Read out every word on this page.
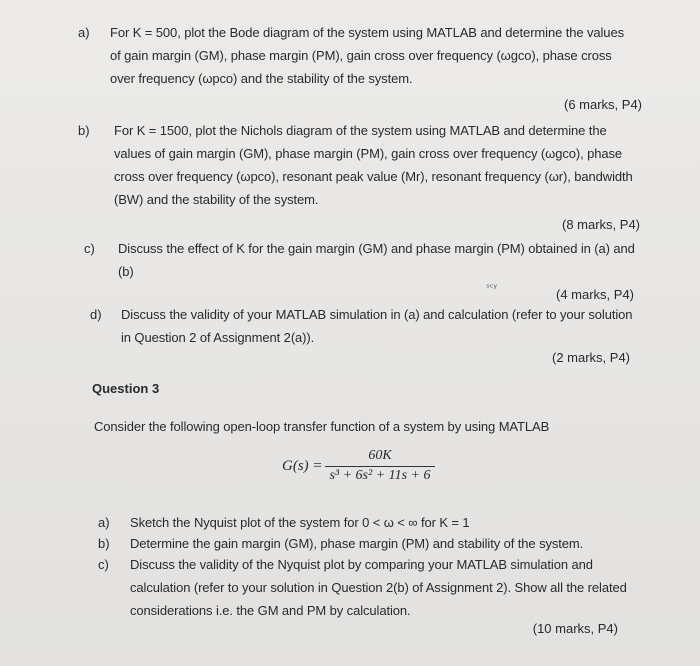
a) For K = 500, plot the Bode diagram of the system using MATLAB and determine the values
of gain margin (GM), phase margin (PM), gain cross over frequency (ωgco), phase cross
over frequency (ωpco) and the stability of the system.
(6 marks, P4)
b) For K = 1500, plot the Nichols diagram of the system using MATLAB and determine the
values of gain margin (GM), phase margin (PM), gain cross over frequency (ωgco), phase
cross over frequency (ωpco), resonant peak value (Mr), resonant frequency (ωr), bandwidth
(BW) and the stability of the system.
(8 marks, P4)
c) Discuss the effect of K for the gain margin (GM) and phase margin (PM) obtained in (a) and
(b)
ˢᶜʸ	(4 marks, P4)
d) Discuss the validity of your MATLAB simulation in (a) and calculation (refer to your solution
in Question 2 of Assignment 2(a)).
(2 marks, P4)
Question 3
Consider the following open-loop transfer function of a system by using MATLAB
G(s) =
60K
s³ + 6s² + 11s + 6
a) Sketch the Nyquist plot of the system for 0 < ω < ∞ for K = 1
b) Determine the gain margin (GM), phase margin (PM) and stability of the system.
c) Discuss the validity of the Nyquist plot by comparing your MATLAB simulation and
calculation (refer to your solution in Question 2(b) of Assignment 2). Show all the related
considerations i.e. the GM and PM by calculation.
(10 marks, P4)
